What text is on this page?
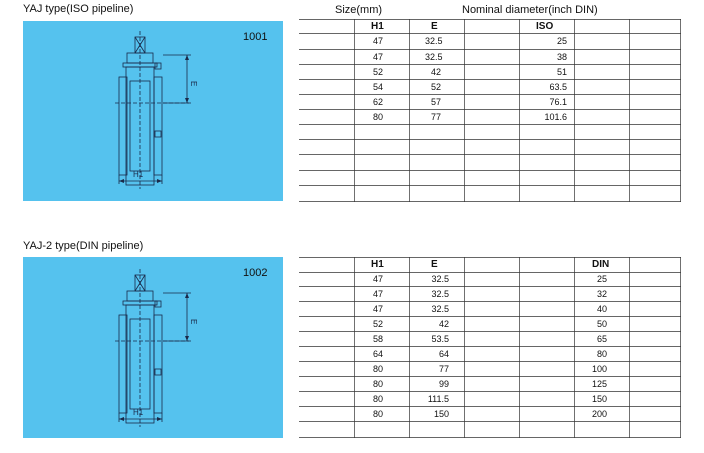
YAJ type(ISO pipeline)
1001
E
H1
Size(mm)	Nominal diameter(inch DIN)
H1	E	ISO
47	32.5	25
47	32.5	38
52	42	51
54	52	63.5
62	57	76.1
80	77	101.6
YAJ-2 type(DIN pipeline)
1002
E
H1
H1	E	DIN
47	32.5	25
47	32.5	32
47	32.5	40
52	42	50
58	53.5	65
64	64	80
80	77	100
80	99	125
80	111.5	150
80	150	200
